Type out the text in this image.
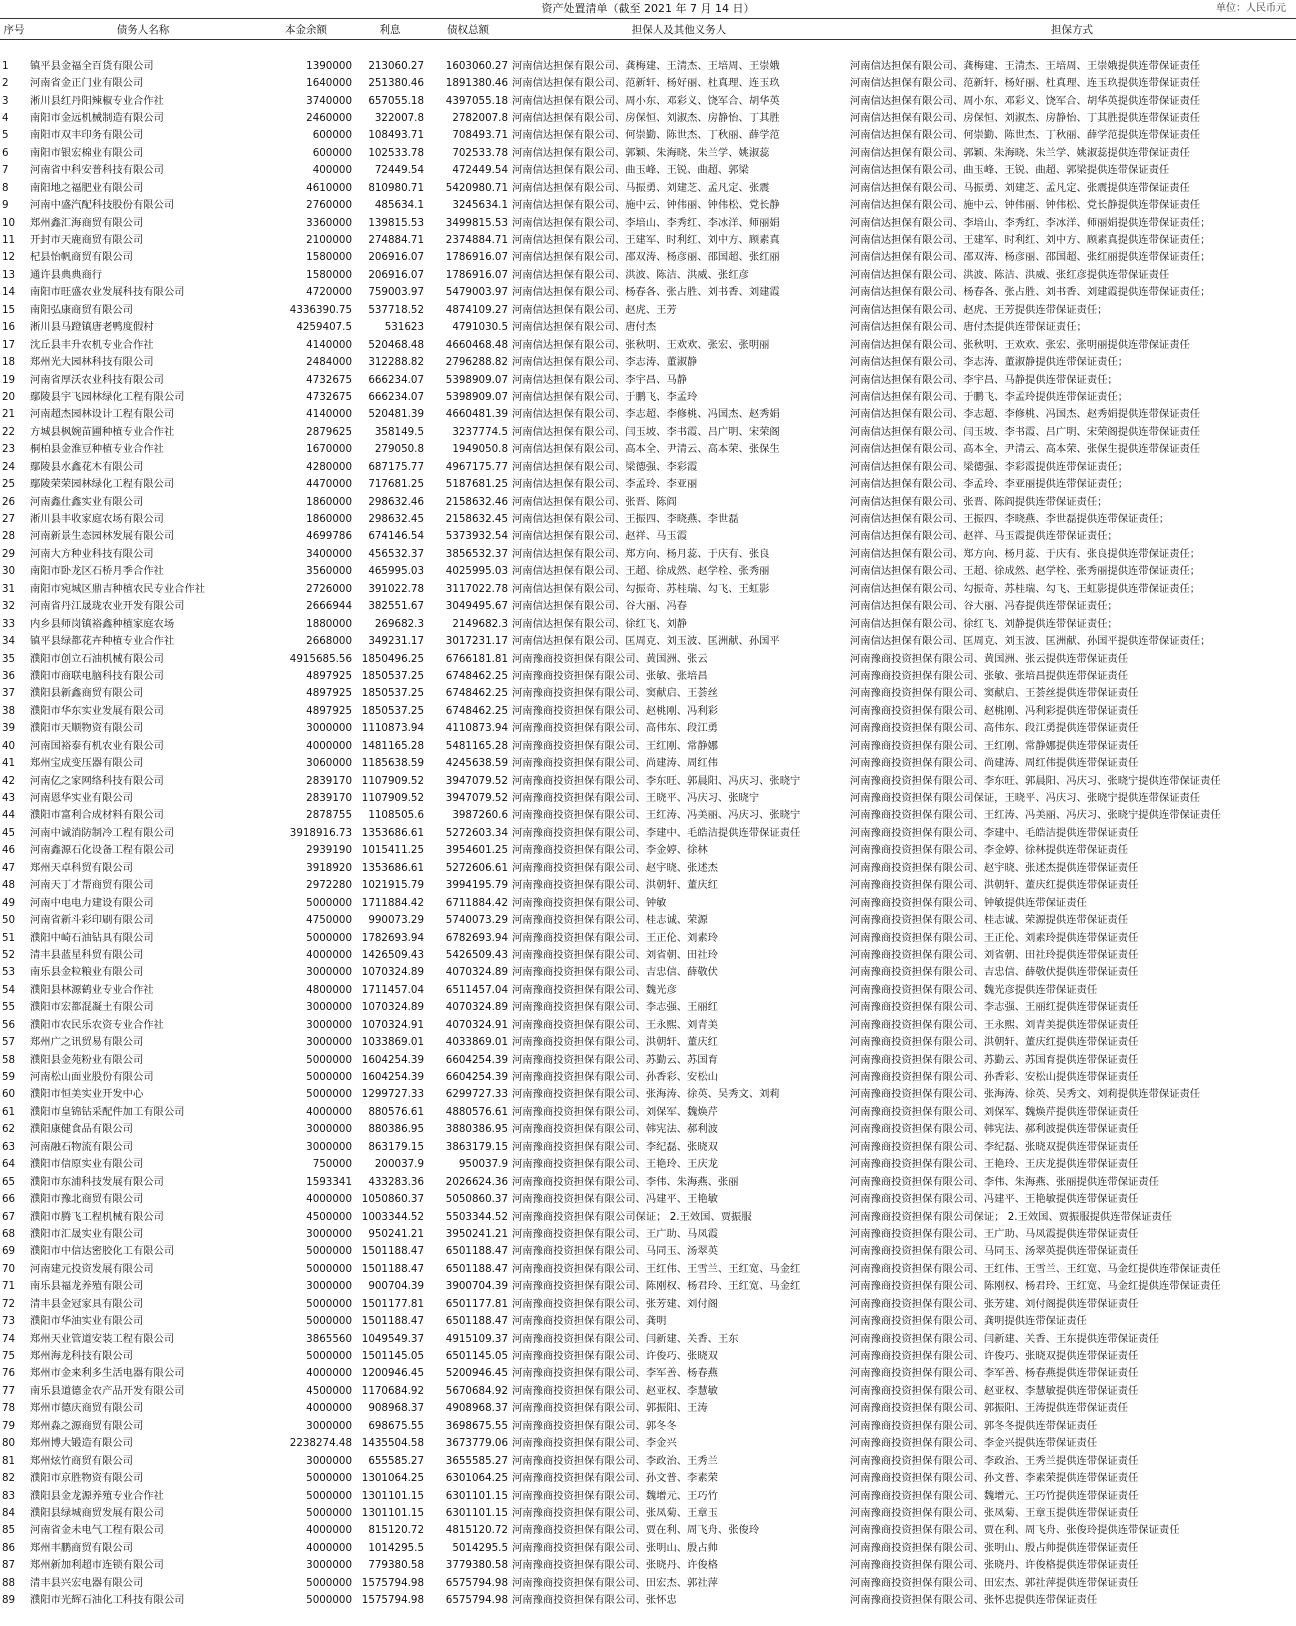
资产处置清单（截至 2021 年 7 月 14 日）	单位：人民币元
序号	债务人名称	本金余额	利息	债权总额	担保人及其他义务人	担保方式

1	镇平县金福全百货有限公司	1390000	213060.27	1603060.27	河南信达担保有限公司、龚梅建、王清杰、王培周、王崇娥	河南信达担保有限公司、龚梅建、王清杰、王培周、王崇娥提供连带保证责任
2	河南省金正门业有限公司	1640000	251380.46	1891380.46	河南信达担保有限公司、范新轩、杨好丽、杜真理、连玉玖	河南信达担保有限公司、范新轩、杨好丽、杜真理、连玉玖提供连带保证责任
3	淅川县红丹阳辣椒专业合作社	3740000	657055.18	4397055.18	河南信达担保有限公司、周小东、邓彩义、饶军合、胡华英	河南信达担保有限公司、周小东、邓彩义、饶军合、胡华英提供连带保证责任
4	南阳市金远机械制造有限公司	2460000	322007.8	2782007.8	河南信达担保有限公司、房保恒、刘淑杰、房静怡、丁其胜	河南信达担保有限公司、房保恒、刘淑杰、房静怡、丁其胜提供连带保证责任
5	南阳市双丰印务有限公司	600000	108493.71	708493.71	河南信达担保有限公司、何崇勤、陈世杰、丁秋丽、薛学范	河南信达担保有限公司、何崇勤、陈世杰、丁秋丽、薛学范提供连带保证责任
6	南阳市银宏棉业有限公司	600000	102533.78	702533.78	河南信达担保有限公司、郭颖、朱海晓、朱兰学、姚淑蕊	河南信达担保有限公司、郭颖、朱海晓、朱兰学、姚淑蕊提供连带保证责任
7	河南省中科安普科技有限公司	400000	72449.54	472449.54	河南信达担保有限公司、曲玉峰、王锐、曲超、郭梁	河南信达担保有限公司、曲玉峰、王锐、曲超、郭梁提供连带保证责任
8	南阳地之福肥业有限公司	4610000	810980.71	5420980.71	河南信达担保有限公司、马振勇、刘建芝、孟凡定、张震	河南信达担保有限公司、马振勇、刘建芝、孟凡定、张震提供连带保证责任
9	河南中盛汽配科技股份有限公司	2760000	485634.1	3245634.1	河南信达担保有限公司、施中云、钟伟丽、钟伟松、党长静	河南信达担保有限公司、施中云、钟伟丽、钟伟松、党长静提供连带保证责任
10	郑州鑫汇海商贸有限公司	3360000	139815.53	3499815.53	河南信达担保有限公司、李培山、李秀红、李冰洋、师丽娟	河南信达担保有限公司、李培山、李秀红、李冰洋、师丽娟提供连带保证责任；
11	开封市天鹿商贸有限公司	2100000	274884.71	2374884.71	河南信达担保有限公司、王建军、时利红、刘中方、顾素真	河南信达担保有限公司、王建军、时利红、刘中方、顾素真提供连带保证责任；
12	杞县怡帆商贸有限公司	1580000	206916.07	1786916.07	河南信达担保有限公司、邵双涛、杨彦丽、邵国超、张红丽	河南信达担保有限公司、邵双涛、杨彦丽、邵国超、张红丽提供连带保证责任；
13	通许县典典商行	1580000	206916.07	1786916.07	河南信达担保有限公司、洪波、陈洁、洪威、张红彦	河南信达担保有限公司、洪波、陈洁、洪威、张红彦提供连带保证责任
14	南阳市旺盛农业发展科技有限公司	4720000	759003.97	5479003.97	河南信达担保有限公司、杨春各、张占胜、刘书香、刘建霞	河南信达担保有限公司、杨春各、张占胜、刘书香、刘建霞提供连带保证责任；
15	南阳弘康商贸有限公司	4336390.75	537718.52	4874109.27	河南信达担保有限公司、赵虎、王芳	河南信达担保有限公司、赵虎、王芳提供连带保证责任；
16	淅川县马蹬镇唐老鸭度假村	4259407.5	531623	4791030.5	河南信达担保有限公司、唐付杰	河南信达担保有限公司、唐付杰提供连带保证责任；
17	沈丘县丰升农机专业合作社	4140000	520468.48	4660468.48	河南信达担保有限公司、张秋明、王欢欢、张宏、张明丽	河南信达担保有限公司、张秋明、王欢欢、张宏、张明丽提供连带保证责任
18	郑州光大园林科技有限公司	2484000	312288.82	2796288.82	河南信达担保有限公司、李志涛、董淑静	河南信达担保有限公司、李志涛、董淑静提供连带保证责任；
19	河南省厚沃农业科技有限公司	4732675	666234.07	5398909.07	河南信达担保有限公司、李宇昌、马静	河南信达担保有限公司、李宇昌、马静提供连带保证责任；
20	鄢陵县宇飞园林绿化工程有限公司	4732675	666234.07	5398909.07	河南信达担保有限公司、于鹏飞、李孟玲	河南信达担保有限公司、于鹏飞、李孟玲提供连带保证责任；
21	河南超杰园林设计工程有限公司	4140000	520481.39	4660481.39	河南信达担保有限公司、李志超、李修桃、冯国杰、赵秀娟	河南信达担保有限公司、李志超、李修桃、冯国杰、赵秀娟提供连带保证责任
22	方城县枫婉苗圃种植专业合作社	2879625	358149.5	3237774.5	河南信达担保有限公司、闫玉坡、李书霞、吕广明、宋荣阁	河南信达担保有限公司、闫玉坡、李书霞、吕广明、宋荣阁提供连带保证责任
23	桐柏县金淮豆种植专业合作社	1670000	279050.8	1949050.8	河南信达担保有限公司、高本全、尹清云、高本荣、张保生	河南信达担保有限公司、高本全、尹清云、高本荣、张保生提供连带保证责任
24	鄢陵县水鑫花木有限公司	4280000	687175.77	4967175.77	河南信达担保有限公司、梁德强、李彩霞	河南信达担保有限公司、梁德强、李彩霞提供连带保证责任；
25	鄢陵荣荣园林绿化工程有限公司	4470000	717681.25	5187681.25	河南信达担保有限公司、李孟玲、李亚丽	河南信达担保有限公司、李孟玲、李亚丽提供连带保证责任；
26	河南鑫仕鑫实业有限公司	1860000	298632.46	2158632.46	河南信达担保有限公司、张晋、陈阎	河南信达担保有限公司、张晋、陈阎提供连带保证责任；
27	淅川县丰收家庭农场有限公司	1860000	298632.45	2158632.45	河南信达担保有限公司、王振四、李晓燕、李世磊	河南信达担保有限公司、王振四、李晓燕、李世磊提供连带保证责任；
28	河南新景生态园林发展有限公司	4699786	674146.54	5373932.54	河南信达担保有限公司、赵祥、马玉霞	河南信达担保有限公司、赵祥、马玉霞提供连带保证责任；
29	河南大方种业科技有限公司	3400000	456532.37	3856532.37	河南信达担保有限公司、郑方向、杨月蕊、于庆有、张良	河南信达担保有限公司、郑方向、杨月蕊、于庆有、张良提供连带保证责任；
30	南阳市卧龙区石桥月季合作社	3560000	465995.03	4025995.03	河南信达担保有限公司、王超、徐成然、赵学栓、张秀丽	河南信达担保有限公司、王超、徐成然、赵学栓、张秀丽提供连带保证责任；
31	南阳市宛城区鼎吉种植农民专业合作社	2726000	391022.78	3117022.78	河南信达担保有限公司、勾振奇、苏桂瑞、勾飞、王虹影	河南信达担保有限公司、勾振奇、苏桂瑞、勾飞、王虹影提供连带保证责任；
32	河南省丹江晟珑农业开发有限公司	2666944	382551.67	3049495.67	河南信达担保有限公司、谷大丽、冯春	河南信达担保有限公司、谷大丽、冯春提供连带保证责任；
33	内乡县师岗镇裕鑫种植家庭农场	1880000	269682.3	2149682.3	河南信达担保有限公司、徐红飞、刘静	河南信达担保有限公司、徐红飞、刘静提供连带保证责任；
34	镇平县绿都花卉种植专业合作社	2668000	349231.17	3017231.17	河南信达担保有限公司、匡周克、刘玉波、匡洲献、孙国平	河南信达担保有限公司、匡周克、刘玉波、匡洲献、孙国平提供连带保证责任；
35	濮阳市创立石油机械有限公司	4915685.56	1850496.25	6766181.81	河南豫商投资担保有限公司、黄国洲、张云	河南豫商投资担保有限公司、黄国洲、张云提供连带保证责任
36	濮阳市商联电脑科技有限公司	4897925	1850537.25	6748462.25	河南豫商投资担保有限公司、张敏、张培昌	河南豫商投资担保有限公司、张敏、张培昌提供连带保证责任
37	濮阳县新鑫商贸有限公司	4897925	1850537.25	6748462.25	河南豫商投资担保有限公司、窦献启、王荟丝	河南豫商投资担保有限公司、窦献启、王荟丝提供连带保证责任
38	濮阳市华东实业发展有限公司	4897925	1850537.25	6748462.25	河南豫商投资担保有限公司、赵桃刚、冯利彩	河南豫商投资担保有限公司、赵桃刚、冯利彩提供连带保证责任
39	濮阳市天顺物资有限公司	3000000	1110873.94	4110873.94	河南豫商投资担保有限公司、高伟东、段江勇	河南豫商投资担保有限公司、高伟东、段江勇提供连带保证责任
40	河南国裕泰有机农业有限公司	4000000	1481165.28	5481165.28	河南豫商投资担保有限公司、王红刚、常静娜	河南豫商投资担保有限公司、王红刚、常静娜提供连带保证责任
41	郑州宝成变压器有限公司	3060000	1185638.59	4245638.59	河南豫商投资担保有限公司、尚建涛、周红伟	河南豫商投资担保有限公司、尚建涛、周红伟提供连带保证责任
42	河南亿之家网络科技有限公司	2839170	1107909.52	3947079.52	河南豫商投资担保有限公司、李东旺、郭晨阳、冯庆习、张晓宁	河南豫商投资担保有限公司、李东旺、郭晨阳、冯庆习、张晓宁提供连带保证责任
43	河南恩华实业有限公司	2839170	1107909.52	3947079.52	河南豫商投资担保有限公司、王晓平、冯庆习、张晓宁	河南豫商投资担保有限公司保证，王晓平、冯庆习、张晓宁提供连带保证责任
44	濮阳市富利合成材料有限公司	2878755	1108505.6	3987260.6	河南豫商投资担保有限公司、王红涛、冯美丽、冯庆习、张晓宁	河南豫商投资担保有限公司、王红涛、冯美丽、冯庆习、张晓宁提供连带保证责任
45	河南中诚消防制冷工程有限公司	3918916.73	1353686.61	5272603.34	河南豫商投资担保有限公司、李建中、毛皓洁提供连带保证责任	河南豫商投资担保有限公司、李建中、毛皓洁提供连带保证责任
46	河南鑫源石化设备工程有限公司	2939190	1015411.25	3954601.25	河南豫商投资担保有限公司、李金婷、徐林	河南豫商投资担保有限公司、李金婷、徐林提供连带保证责任
47	郑州天卓科贸有限公司	3918920	1353686.61	5272606.61	河南豫商投资担保有限公司、赵宇晓、张述杰	河南豫商投资担保有限公司、赵宇晓、张述杰提供连带保证责任
48	河南天丁才帮商贸有限公司	2972280	1021915.79	3994195.79	河南豫商投资担保有限公司、洪朝轩、董庆红	河南豫商投资担保有限公司、洪朝轩、董庆红提供连带保证责任
49	河南中电电力建设有限公司	5000000	1711884.42	6711884.42	河南豫商投资担保有限公司、钟敏	河南豫商投资担保有限公司、钟敏提供连带保证责任
50	河南省新斗彩印刷有限公司	4750000	990073.29	5740073.29	河南豫商投资担保有限公司、桂志诚、荣源	河南豫商投资担保有限公司、桂志诚、荣源提供连带保证责任
51	濮阳中崎石油钻具有限公司	5000000	1782693.94	6782693.94	河南豫商投资担保有限公司、王正伦、刘素玲	河南豫商投资担保有限公司、王正伦、刘素玲提供连带保证责任
52	清丰县蓝星科贸有限公司	4000000	1426509.43	5426509.43	河南豫商投资担保有限公司、刘省朝、田社玲	河南豫商投资担保有限公司、刘省朝、田社玲提供连带保证责任
53	南乐县金粒粮业有限公司	3000000	1070324.89	4070324.89	河南豫商投资担保有限公司、吉忠信、薛敬伏	河南豫商投资担保有限公司、吉忠信、薛敬伏提供连带保证责任
54	濮阳县林源鹤业专业合作社	4800000	1711457.04	6511457.04	河南豫商投资担保有限公司、魏光彦	河南豫商投资担保有限公司、魏光彦提供连带保证责任
55	濮阳市宏都混凝土有限公司	3000000	1070324.89	4070324.89	河南豫商投资担保有限公司、李志强、王丽红	河南豫商投资担保有限公司、李志强、王丽红提供连带保证责任
56	濮阳市农民乐农资专业合作社	3000000	1070324.91	4070324.91	河南豫商投资担保有限公司、王永熙、刘青美	河南豫商投资担保有限公司、王永熙、刘青美提供连带保证责任
57	郑州广之讯贸易有限公司	3000000	1033869.01	4033869.01	河南豫商投资担保有限公司、洪朝轩、董庆红	河南豫商投资担保有限公司、洪朝轩、董庆红提供连带保证责任
58	濮阳县金苑粉业有限公司	5000000	1604254.39	6604254.39	河南豫商投资担保有限公司、苏勤云、苏国育	河南豫商投资担保有限公司、苏勤云、苏国育提供连带保证责任
59	河南松山面业股份有限公司	5000000	1604254.39	6604254.39	河南豫商投资担保有限公司、孙香彩、安松山	河南豫商投资担保有限公司、孙香彩、安松山提供连带保证责任
60	濮阳市恒美实业开发中心	5000000	1299727.33	6299727.33	河南豫商投资担保有限公司、张海涛、徐英、吴秀文、刘莉	河南豫商投资担保有限公司、张海涛、徐英、吴秀文、刘莉提供连带保证责任
61	濮阳市皇锦钻采配件加工有限公司	4000000	880576.61	4880576.61	河南豫商投资担保有限公司、刘保军、魏焕芹	河南豫商投资担保有限公司、刘保军、魏焕芹提供连带保证责任
62	濮阳康健食品有限公司	3000000	880386.95	3880386.95	河南豫商投资担保有限公司、韩宪法、郝利波	河南豫商投资担保有限公司、韩宪法、郝利波提供连带保证责任
63	河南融石物流有限公司	3000000	863179.15	3863179.15	河南豫商投资担保有限公司、李纪磊、张晓双	河南豫商投资担保有限公司、李纪磊、张晓双提供连带保证责任
64	濮阳市信原实业有限公司	750000	200037.9	950037.9	河南豫商投资担保有限公司、王艳玲、王庆龙	河南豫商投资担保有限公司、王艳玲、王庆龙提供连带保证责任
65	濮阳市东浦科技发展有限公司	1593341	433283.36	2026624.36	河南豫商投资担保有限公司、李伟、朱海燕、张丽	河南豫商投资担保有限公司、李伟、朱海燕、张丽提供连带保证责任
66	濮阳市豫北商贸有限公司	4000000	1050860.37	5050860.37	河南豫商投资担保有限公司、冯建平、王艳敏	河南豫商投资担保有限公司、冯建平、王艳敏提供连带保证责任
67	濮阳市腾飞工程机械有限公司	4500000	1003344.52	5503344.52	河南豫商投资担保有限公司保证； 2.王效国、贾振服	河南豫商投资担保有限公司保证； 2.王效国、贾振服提供连带保证责任
68	濮阳市汇晟实业有限公司	3000000	950241.21	3950241.21	河南豫商投资担保有限公司、王广助、马凤霞	河南豫商投资担保有限公司、王广助、马凤霞提供连带保证责任
69	濮阳市中信达密胶化工有限公司	5000000	1501188.47	6501188.47	河南豫商投资担保有限公司、马同玉、汤翠英	河南豫商投资担保有限公司、马同玉、汤翠英提供连带保证责任
70	河南建元投资发展有限公司	5000000	1501188.47	6501188.47	河南豫商投资担保有限公司、王红伟、王雪兰、王红宽、马金红	河南豫商投资担保有限公司、王红伟、王雪兰、王红宽、马金红提供连带保证责任
71	南乐县福龙养殖有限公司	3000000	900704.39	3900704.39	河南豫商投资担保有限公司、陈刚权、杨君玲、王红宽、马金红	河南豫商投资担保有限公司、陈刚权、杨君玲、王红宽、马金红提供连带保证责任
72	清丰县金冠家具有限公司	5000000	1501177.81	6501177.81	河南豫商投资担保有限公司、张芳建、刘付阁	河南豫商投资担保有限公司、张芳建、刘付阁提供连带保证责任
73	濮阳市华油实业有限公司	5000000	1501188.47	6501188.47	河南豫商投资担保有限公司、龚明	河南豫商投资担保有限公司、龚明提供连带保证责任
74	郑州天业管道安装工程有限公司	3865560	1049549.37	4915109.37	河南豫商投资担保有限公司、闫新建、关香、王东	河南豫商投资担保有限公司、闫新建、关香、王东提供连带保证责任
75	郑州海龙科技有限公司	5000000	1501145.05	6501145.05	河南豫商投资担保有限公司、许俊巧、张晓双	河南豫商投资担保有限公司、许俊巧、张晓双提供连带保证责任
76	郑州市金来利多生活电器有限公司	4000000	1200946.45	5200946.45	河南豫商投资担保有限公司、李军善、杨春燕	河南豫商投资担保有限公司、李军善、杨春燕提供连带保证责任
77	南乐县道德金农产品开发有限公司	4500000	1170684.92	5670684.92	河南豫商投资担保有限公司、赵亚权、李慧敏	河南豫商投资担保有限公司、赵亚权、李慧敏提供连带保证责任
78	郑州市德庆商贸有限公司	4000000	908968.37	4908968.37	河南豫商投资担保有限公司、郭振阳、王涛	河南豫商投资担保有限公司、郭振阳、王涛提供连带保证责任
79	郑州淼之源商贸有限公司	3000000	698675.55	3698675.55	河南豫商投资担保有限公司、郭冬冬	河南豫商投资担保有限公司、郭冬冬提供连带保证责任
80	郑州博大锻造有限公司	2238274.48	1435504.58	3673779.06	河南豫商投资担保有限公司、李金兴	河南豫商投资担保有限公司、李金兴提供连带保证责任
81	郑州炫竹商贸有限公司	3000000	655585.27	3655585.27	河南豫商投资担保有限公司、李政治、王秀兰	河南豫商投资担保有限公司、李政治、王秀兰提供连带保证责任
82	濮阳市京胜物资有限公司	5000000	1301064.25	6301064.25	河南豫商投资担保有限公司、孙文普、李素荣	河南豫商投资担保有限公司、孙文普、李素荣提供连带保证责任
83	濮阳县金龙源养殖专业合作社	5000000	1301101.15	6301101.15	河南豫商投资担保有限公司、魏增元、王巧竹	河南豫商投资担保有限公司、魏增元、王巧竹提供连带保证责任
84	濮阳县绿城商贸发展有限公司	5000000	1301101.15	6301101.15	河南豫商投资担保有限公司、张凤菊、王章玉	河南豫商投资担保有限公司、张凤菊、王章玉提供连带保证责任
85	河南省金未电气工程有限公司	4000000	815120.72	4815120.72	河南豫商投资担保有限公司、贾在利、周飞舟、张俊玲	河南豫商投资担保有限公司、贾在利、周飞舟、张俊玲提供连带保证责任
86	郑州丰鹏商贸有限公司	4000000	1014295.5	5014295.5	河南豫商投资担保有限公司、张明山、殷占帅	河南豫商投资担保有限公司、张明山、殷占帅提供连带保证责任
87	郑州新加利超市连锁有限公司	3000000	779380.58	3779380.58	河南豫商投资担保有限公司、张晓丹、许俊格	河南豫商投资担保有限公司、张晓丹、许俊格提供连带保证责任
88	清丰县兴宏电器有限公司	5000000	1575794.98	6575794.98	河南豫商投资担保有限公司、田宏杰、郭社萍	河南豫商投资担保有限公司、田宏杰、郭社萍提供连带保证责任
89	濮阳市光辉石油化工科技有限公司	5000000	1575794.98	6575794.98	河南豫商投资担保有限公司、张怀忠	河南豫商投资担保有限公司、张怀忠提供连带保证责任
